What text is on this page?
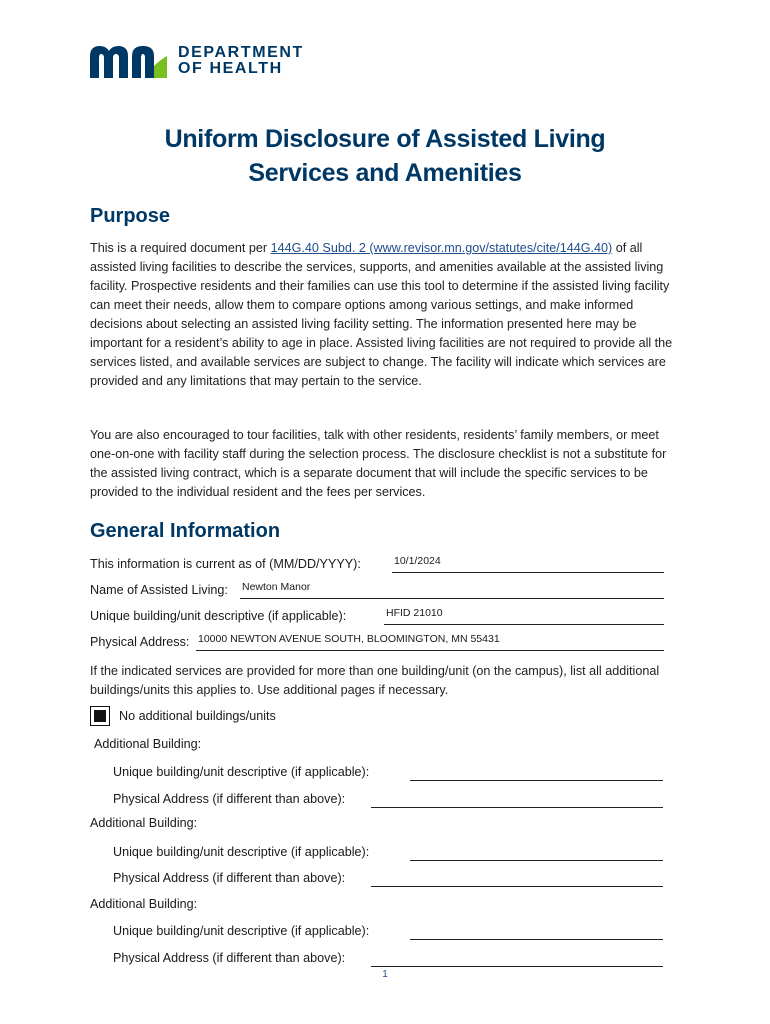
DEPARTMENT
OF HEALTH
Uniform Disclosure of Assisted Living
Services and Amenities
Purpose
This is a required document per 144G.40 Subd. 2 (www.revisor.mn.gov/statutes/cite/144G.40) of all assisted living facilities to describe the services, supports, and amenities available at the assisted living facility. Prospective residents and their families can use this tool to determine if the assisted living facility can meet their needs, allow them to compare options among various settings, and make informed decisions about selecting an assisted living facility setting. The information presented here may be important for a resident’s ability to age in place. Assisted living facilities are not required to provide all the services listed, and available services are subject to change. The facility will indicate which services are provided and any limitations that may pertain to the service.
You are also encouraged to tour facilities, talk with other residents, residents’ family members, or meet one-on-one with facility staff during the selection process. The disclosure checklist is not a substitute for the assisted living contract, which is a separate document that will include the specific services to be provided to the individual resident and the fees per services.
General Information
This information is current as of (MM/DD/YYYY):	10/1/2024
Name of Assisted Living: Newton Manor
Unique building/unit descriptive (if applicable):	HFID 21010
Physical Address: 10000 NEWTON AVENUE SOUTH, BLOOMINGTON, MN 55431
If the indicated services are provided for more than one building/unit (on the campus), list all additional buildings/units this applies to. Use additional pages if necessary.
No additional buildings/units
Additional Building:
Unique building/unit descriptive (if applicable):
Physical Address (if different than above):
Additional Building:
Unique building/unit descriptive (if applicable):
Physical Address (if different than above):
Additional Building:
Unique building/unit descriptive (if applicable):
Physical Address (if different than above):
1
